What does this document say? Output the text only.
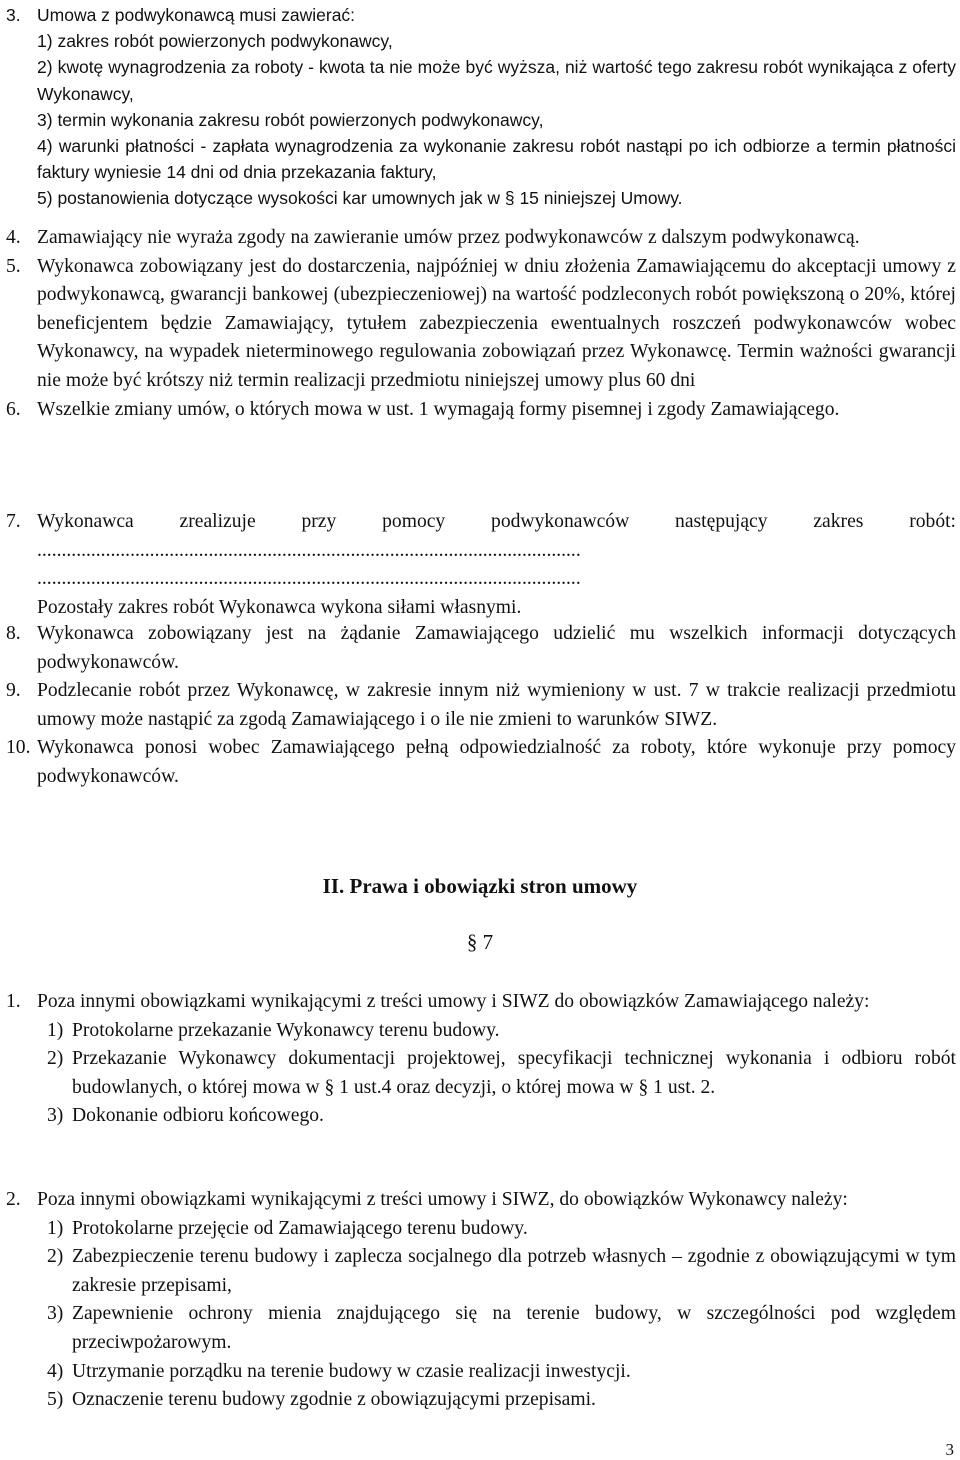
3. Umowa z podwykonawcą musi zawierać:
1) zakres robót powierzonych podwykonawcy,
2) kwotę wynagrodzenia za roboty - kwota ta nie może być wyższa, niż wartość tego zakresu robót wynikająca z oferty Wykonawcy,
3) termin wykonania zakresu robót powierzonych podwykonawcy,
4) warunki płatności - zapłata wynagrodzenia za wykonanie zakresu robót nastąpi po ich odbiorze a termin płatności faktury wyniesie 14 dni od dnia przekazania faktury,
5) postanowienia dotyczące wysokości kar umownych jak w § 15 niniejszej Umowy.
4. Zamawiający nie wyraża zgody na zawieranie umów przez podwykonawców z dalszym podwykonawcą.
5. Wykonawca zobowiązany jest do dostarczenia, najpóźniej w dniu złożenia Zamawiającemu do akceptacji umowy z podwykonawcą, gwarancji bankowej (ubezpieczeniowej) na wartość podzleconych robót powiększoną o 20%, której beneficjentem będzie Zamawiający, tytułem zabezpieczenia ewentualnych roszczeń podwykonawców wobec Wykonawcy, na wypadek nieterminowego regulowania zobowiązań przez Wykonawcę. Termin ważności gwarancji nie może być krótszy niż termin realizacji przedmiotu niniejszej umowy plus 60 dni
6. Wszelkie zmiany umów, o których mowa w ust. 1 wymagają formy pisemnej i zgody Zamawiającego.
7. Wykonawca zrealizuje przy pomocy podwykonawców następujący zakres robót:
...............................................................................................................
...............................................................................................................
Pozostały zakres robót Wykonawca wykona siłami własnymi.
8. Wykonawca zobowiązany jest na żądanie Zamawiającego udzielić mu wszelkich informacji dotyczących podwykonawców.
9. Podzlecanie robót przez Wykonawcę, w zakresie innym niż wymieniony w ust. 7 w trakcie realizacji przedmiotu umowy może nastąpić za zgodą Zamawiającego i o ile nie zmieni to warunków SIWZ.
10. Wykonawca ponosi wobec Zamawiającego pełną odpowiedzialność za roboty, które wykonuje przy pomocy podwykonawców.
II. Prawa i obowiązki stron umowy
§ 7
1. Poza innymi obowiązkami wynikającymi z treści umowy i SIWZ do obowiązków Zamawiającego należy:
1) Protokolarne przekazanie Wykonawcy terenu budowy.
2) Przekazanie Wykonawcy dokumentacji projektowej, specyfikacji technicznej wykonania i odbioru robót budowlanych, o której mowa w § 1 ust.4 oraz decyzji, o której mowa w § 1 ust. 2.
3) Dokonanie odbioru końcowego.
2. Poza innymi obowiązkami wynikającymi z treści umowy i SIWZ, do obowiązków Wykonawcy należy:
1) Protokolarne przejęcie od Zamawiającego terenu budowy.
2) Zabezpieczenie terenu budowy i zaplecza socjalnego dla potrzeb własnych – zgodnie z obowiązującymi w tym zakresie przepisami,
3) Zapewnienie ochrony mienia znajdującego się na terenie budowy, w szczególności pod względem przeciwpożarowym.
4) Utrzymanie porządku na terenie budowy w czasie realizacji inwestycji.
5) Oznaczenie terenu budowy zgodnie z obowiązującymi przepisami.
3
